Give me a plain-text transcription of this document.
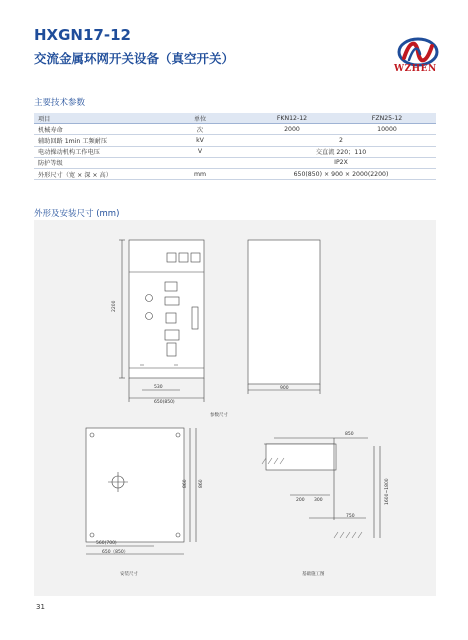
HXGN17-12
交流金属环网开关设备（真空开关）
WZHEN
主要技术参数
项目	单位	FKN12-12	FZN25-12
机械寿命	次	2000	10000
辅助回路 1min 工频耐压	kV	2	
电动操动机构工作电压	V	交直流 220；110	
防护等级		IP2X	
外形尺寸（宽 × 深 × 高）	mm	650(850) × 900 × 2000(2200)	
外形及安装尺寸 (mm)
2200
530
650(850)
900
参数尺寸
860 860
560(700)
650（850）
安装尺寸
850
200 300
750
1600~1800
基础施工图
31
